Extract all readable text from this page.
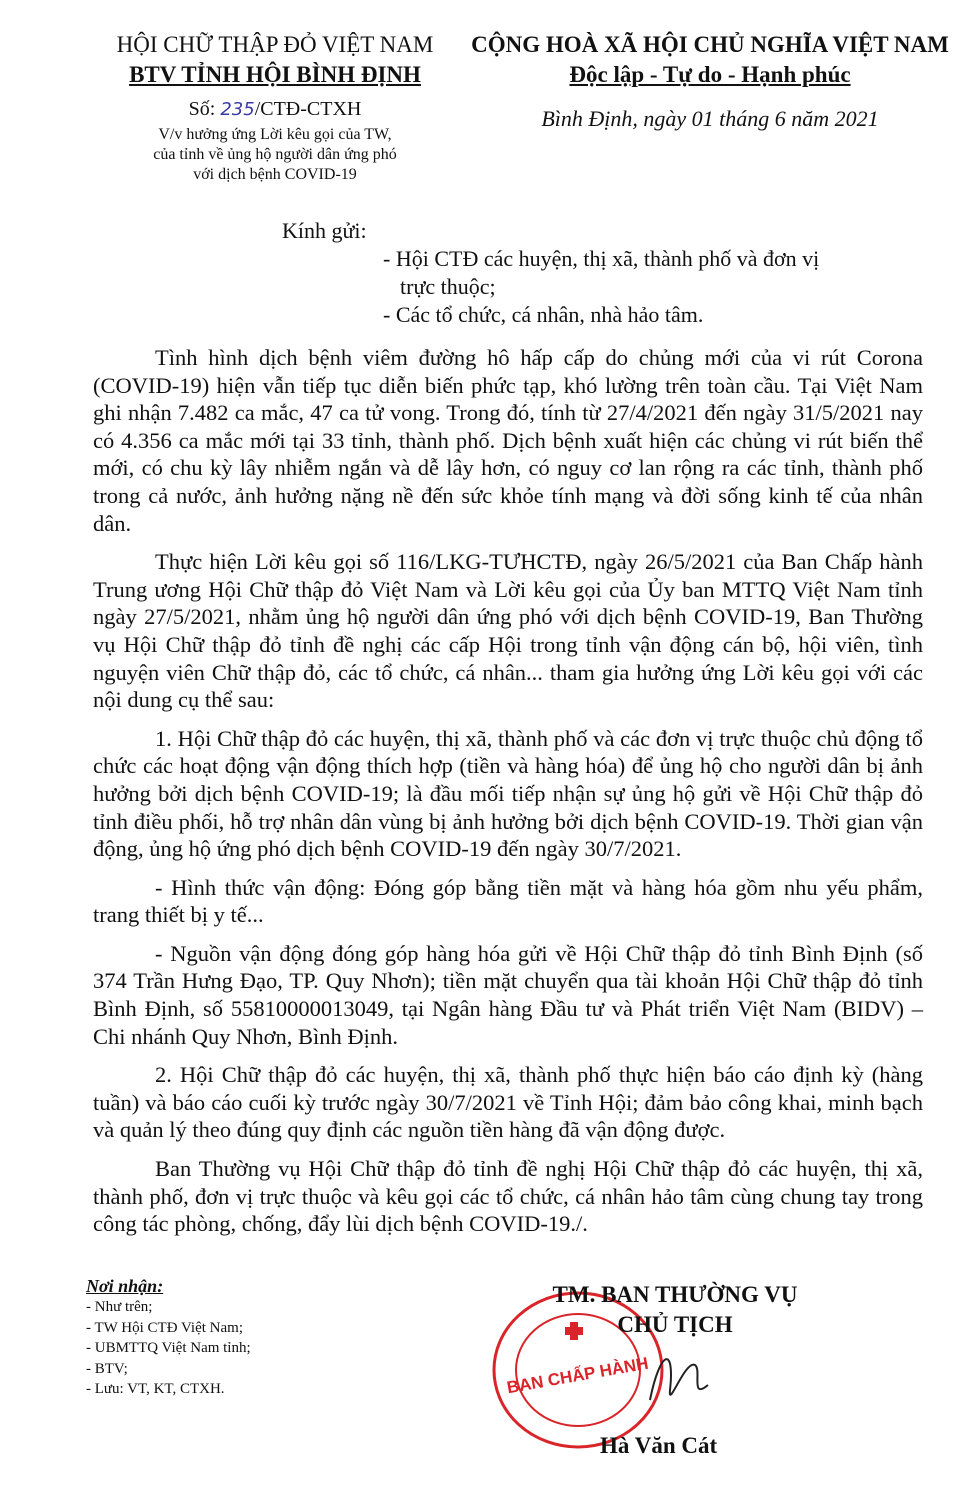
HỘI CHỮ THẬP ĐỎ VIỆT NAM
BTV TỈNH HỘI BÌNH ĐỊNH
Số: 235/CTĐ-CTXH
V/v hưởng ứng Lời kêu gọi của TW,
của tỉnh về ủng hộ người dân ứng phó
với dịch bệnh COVID-19
CỘNG HOÀ XÃ HỘI CHỦ NGHĨA VIỆT NAM
Độc lập - Tự do - Hạnh phúc
Bình Định, ngày 01 tháng 6 năm 2021
Kính gửi:
- Hội CTĐ các huyện, thị xã, thành phố và đơn vị
trực thuộc;
- Các tổ chức, cá nhân, nhà hảo tâm.

Tình hình dịch bệnh viêm đường hô hấp cấp do chủng mới của vi rút Corona (COVID-19) hiện vẫn tiếp tục diễn biến phức tạp, khó lường trên toàn cầu. Tại Việt Nam ghi nhận 7.482 ca mắc, 47 ca tử vong. Trong đó, tính từ 27/4/2021 đến ngày 31/5/2021 nay có 4.356 ca mắc mới tại 33 tỉnh, thành phố. Dịch bệnh xuất hiện các chủng vi rút biến thể mới, có chu kỳ lây nhiễm ngắn và dễ lây hơn, có nguy cơ lan rộng ra các tỉnh, thành phố trong cả nước, ảnh hưởng nặng nề đến sức khỏe tính mạng và đời sống kinh tế của nhân dân.

Thực hiện Lời kêu gọi số 116/LKG-TƯHCTĐ, ngày 26/5/2021 của Ban Chấp hành Trung ương Hội Chữ thập đỏ Việt Nam và Lời kêu gọi của Ủy ban MTTQ Việt Nam tỉnh ngày 27/5/2021, nhằm ủng hộ người dân ứng phó với dịch bệnh COVID-19, Ban Thường vụ Hội Chữ thập đỏ tỉnh đề nghị các cấp Hội trong tỉnh vận động cán bộ, hội viên, tình nguyện viên Chữ thập đỏ, các tổ chức, cá nhân... tham gia hưởng ứng Lời kêu gọi với các nội dung cụ thể sau:

1. Hội Chữ thập đỏ các huyện, thị xã, thành phố và các đơn vị trực thuộc chủ động tổ chức các hoạt động vận động thích hợp (tiền và hàng hóa) để ủng hộ cho người dân bị ảnh hưởng bởi dịch bệnh COVID-19; là đầu mối tiếp nhận sự ủng hộ gửi về Hội Chữ thập đỏ tỉnh điều phối, hỗ trợ nhân dân vùng bị ảnh hưởng bởi dịch bệnh COVID-19. Thời gian vận động, ủng hộ ứng phó dịch bệnh COVID-19 đến ngày 30/7/2021.

- Hình thức vận động: Đóng góp bằng tiền mặt và hàng hóa gồm nhu yếu phẩm, trang thiết bị y tế...

- Nguồn vận động đóng góp hàng hóa gửi về Hội Chữ thập đỏ tỉnh Bình Định (số 374 Trần Hưng Đạo, TP. Quy Nhơn); tiền mặt chuyển qua tài khoản Hội Chữ thập đỏ tỉnh Bình Định, số 55810000013049, tại Ngân hàng Đầu tư và Phát triển Việt Nam (BIDV) – Chi nhánh Quy Nhơn, Bình Định.

2. Hội Chữ thập đỏ các huyện, thị xã, thành phố thực hiện báo cáo định kỳ (hàng tuần) và báo cáo cuối kỳ trước ngày 30/7/2021 về Tỉnh Hội; đảm bảo công khai, minh bạch và quản lý theo đúng quy định các nguồn tiền hàng đã vận động được.

Ban Thường vụ Hội Chữ thập đỏ tỉnh đề nghị Hội Chữ thập đỏ các huyện, thị xã, thành phố, đơn vị trực thuộc và kêu gọi các tổ chức, cá nhân hảo tâm cùng chung tay trong công tác phòng, chống, đẩy lùi dịch bệnh COVID-19./.

Nơi nhận:
- Như trên;
- TW Hội CTĐ Việt Nam;
- UBMTTQ Việt Nam tỉnh;
- BTV;
- Lưu: VT, KT, CTXH.	BAN CHẤP HÀNH
TM. BAN THƯỜNG VỤ
CHỦ TỊCH
Hà Văn Cát
